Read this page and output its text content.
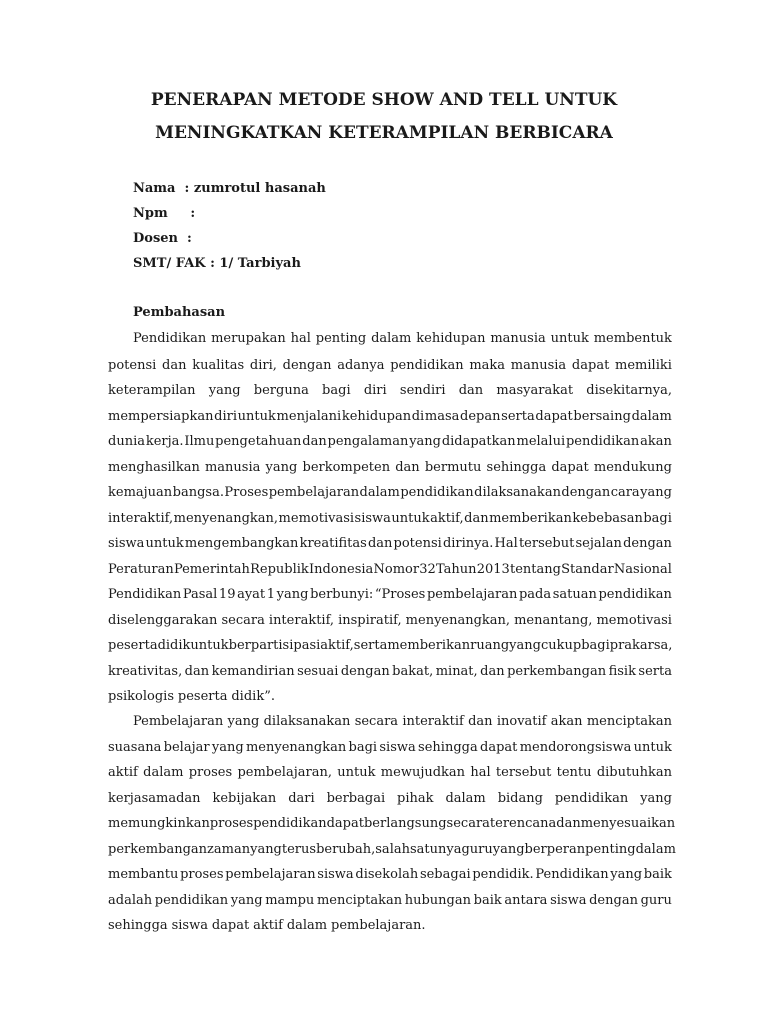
PENERAPAN METODE SHOW AND TELL UNTUK
MENINGKATKAN KETERAMPILAN BERBICARA
Nama  : zumrotul hasanah
Npm     :
Dosen  :
SMT/ FAK : 1/ Tarbiyah
Pembahasan
Pendidikan merupakan hal penting dalam kehidupan manusia untuk membentuk
potensi dan kualitas diri, dengan adanya pendidikan maka manusia dapat memiliki
keterampilan yang berguna bagi diri sendiri dan masyarakat disekitarnya,
mempersiapkan diri untuk menjalani kehidupan di masa depan serta dapat bersaing dalam
dunia kerja. Ilmu pengetahuan dan pengalaman yang didapatkan melalui pendidikan akan
menghasilkan manusia yang berkompeten dan bermutu sehingga dapat mendukung
kemajuan bangsa. Proses pembelajaran dalam pendidikan dilaksanakan dengan cara yang
interaktif, menyenangkan, memotivasi siswa untuk aktif, dan memberikan kebebasan bagi
siswa untuk mengembangkan kreatifitas dan potensi dirinya. Hal tersebut sejalan dengan
Peraturan Pemerintah Republik Indonesia Nomor 32 Tahun 2013 tentang Standar Nasional
Pendidikan Pasal 19 ayat 1 yang berbunyi: “Proses pembelajaran pada satuan pendidikan
diselenggarakan secara interaktif, inspiratif, menyenangkan, menantang, memotivasi
peserta didik untuk berpartisipasi aktif, serta memberikan ruang yang cukup bagi prakarsa,
kreativitas, dan kemandirian sesuai dengan bakat, minat, dan perkembangan fisik serta
psikologis peserta didik”.
Pembelajaran yang dilaksanakan secara interaktif dan inovatif akan menciptakan
suasana belajar yang menyenangkan bagi siswa sehingga dapat mendorongsiswa untuk
aktif dalam proses pembelajaran, untuk mewujudkan hal tersebut tentu dibutuhkan
kerjasamadan kebijakan dari berbagai pihak dalam bidang pendidikan yang
memungkinkan proses pendidikan dapat berlangsung secara terencana dan menyesuaikan
perkembangan zaman yang terus berubah, salah satunya guru yang berperan penting dalam
membantu proses pembelajaran siswa disekolah sebagai pendidik. Pendidikan yang baik
adalah pendidikan yang mampu menciptakan hubungan baik antara siswa dengan guru
sehingga siswa dapat aktif dalam pembelajaran.
